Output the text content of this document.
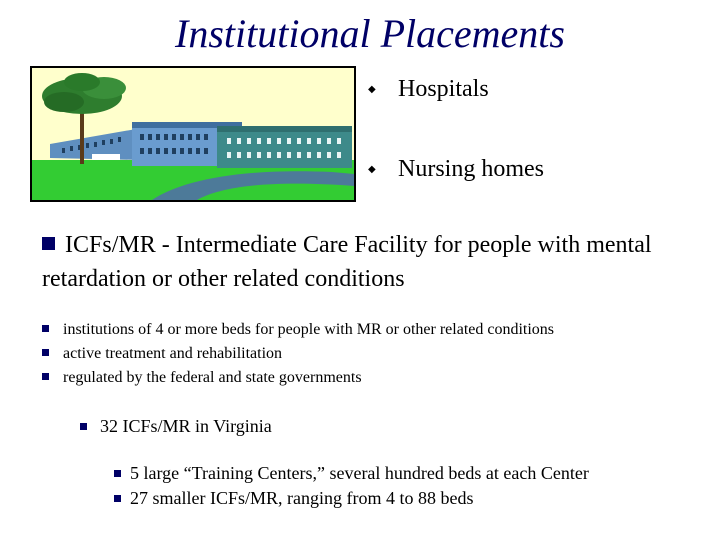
Institutional Placements
◆ Hospitals
◆ Nursing homes
ICFs/MR - Intermediate Care Facility for people with mental retardation or other related conditions
institutions of 4 or more beds for people with MR or other related conditions
active treatment and rehabilitation
regulated by the federal and state governments
32 ICFs/MR in Virginia
5 large “Training Centers,” several hundred beds at each Center
27 smaller ICFs/MR, ranging from 4 to 88 beds
